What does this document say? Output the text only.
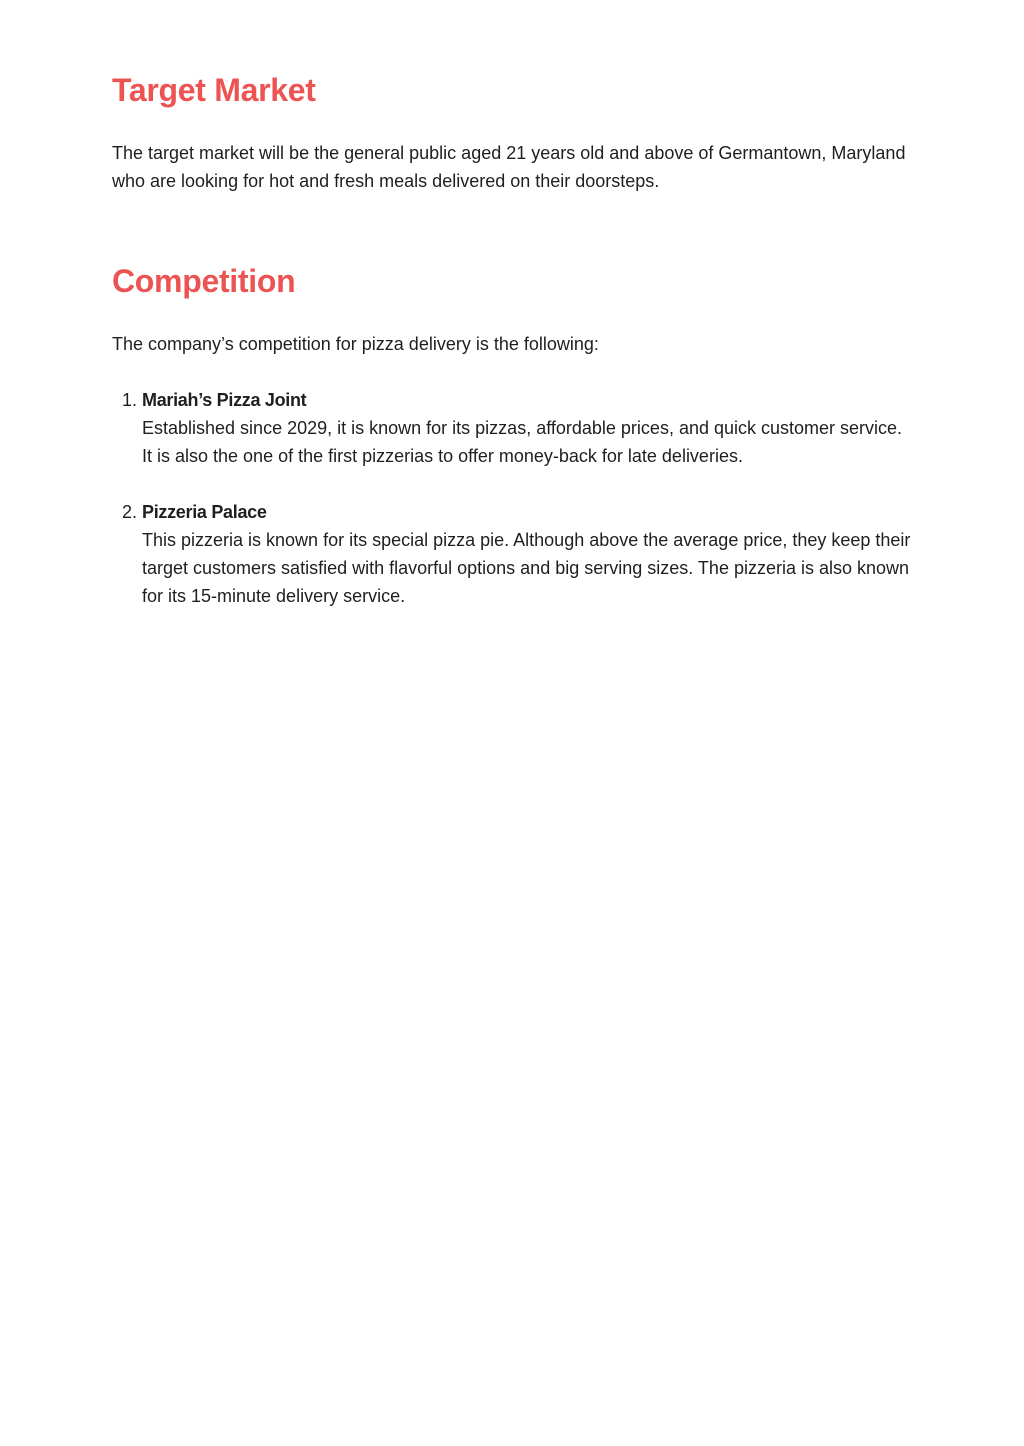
Target Market

The target market will be the general public aged 21 years old and above of Germantown, Maryland who are looking for hot and fresh meals delivered on their doorsteps.

Competition

The company’s competition for pizza delivery is the following:

1. Mariah’s Pizza Joint
Established since 2029, it is known for its pizzas, affordable prices, and quick customer service. It is also the one of the first pizzerias to offer money-back for late deliveries.
2. Pizzeria Palace
This pizzeria is known for its special pizza pie. Although above the average price, they keep their target customers satisfied with flavorful options and big serving sizes. The pizzeria is also known for its 15-minute delivery service.
